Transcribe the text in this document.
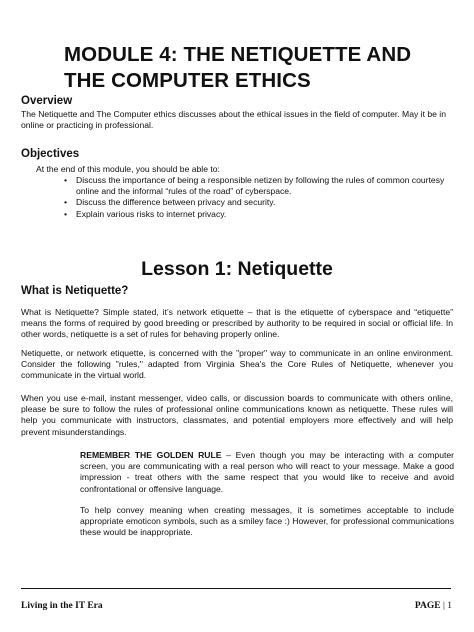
MODULE 4: THE NETIQUETTE AND THE COMPUTER ETHICS
Overview

The Netiquette and The Computer ethics discusses about the ethical issues in the field of computer. May it be in online or practicing in professional.

Objectives

At the end of this module, you should be able to:

• Discuss the importance of being a responsible netizen by following the rules of common courtesy online and the informal “rules of the road” of cyberspace.
• Discuss the difference between privacy and security.
• Explain various risks to internet privacy.
Lesson 1: Netiquette
What is Netiquette?

What is Netiquette? Simple stated, it’s network etiquette – that is the etiquette of cyberspace and “etiquette” means the forms of required by good breeding or prescribed by authority to be required in social or official life. In other words, netiquette is a set of rules for behaving properly online.

Netiquette, or network etiquette, is concerned with the "proper" way to communicate in an online environment. Consider the following "rules," adapted from Virginia Shea's the Core Rules of Netiquette, whenever you communicate in the virtual world.

When you use e-mail, instant messenger, video calls, or discussion boards to communicate with others online, please be sure to follow the rules of professional online communications known as netiquette. These rules will help you communicate with instructors, classmates, and potential employers more effectively and will help prevent misunderstandings.

REMEMBER THE GOLDEN RULE – Even though you may be interacting with a computer screen, you are communicating with a real person who will react to your message. Make a good impression - treat others with the same respect that you would like to receive and avoid confrontational or offensive language.

To help convey meaning when creating messages, it is sometimes acceptable to include appropriate emoticon symbols, such as a smiley face :) However, for professional communications these would be inappropriate.

Living in the IT Era	PAGE | 1
